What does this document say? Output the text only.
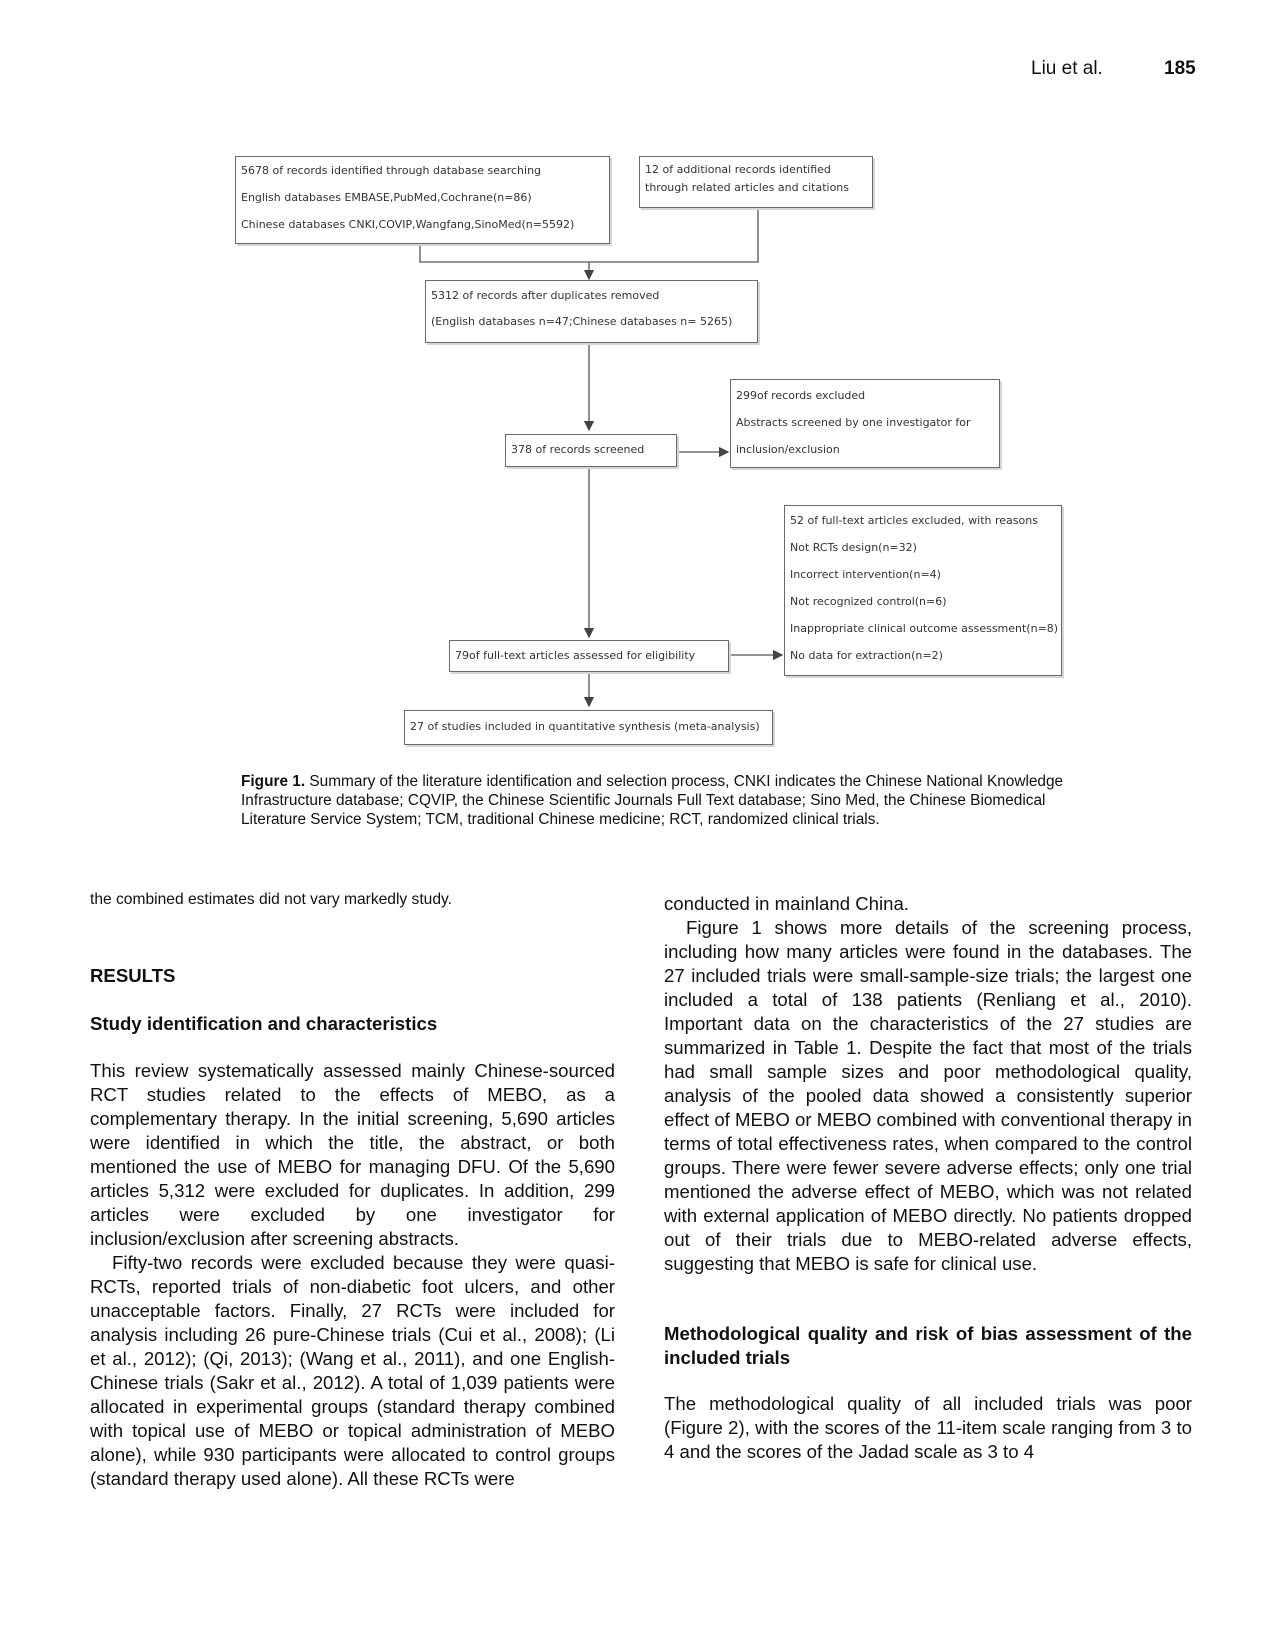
Liu et al.	185
5678 of records identified through database searching
English databases EMBASE,PubMed,Cochrane(n=86)
Chinese databases CNKI,COVIP,Wangfang,SinoMed(n=5592)
12 of additional records identified
through related articles and citations
5312 of records after duplicates removed
(English databases n=47;Chinese databases n= 5265)
299of records excluded
Abstracts screened by one investigator for
inclusion/exclusion
378 of records screened
52 of full-text articles excluded, with reasons
Not RCTs design(n=32)
Incorrect intervention(n=4)
Not recognized control(n=6)
Inappropriate clinical outcome assessment(n=8)
No data for extraction(n=2)
79of full-text articles assessed for eligibility
27 of studies included in quantitative synthesis (meta-analysis)
Figure 1. Summary of the literature identification and selection process, CNKI indicates the Chinese National Knowledge Infrastructure database; CQVIP, the Chinese Scientific Journals Full Text database; Sino Med, the Chinese Biomedical Literature Service System; TCM, traditional Chinese medicine; RCT, randomized clinical trials.

the combined estimates did not vary markedly study.

RESULTS
Study identification and characteristics

This review systematically assessed mainly Chinese-sourced RCT studies related to the effects of MEBO, as a complementary therapy. In the initial screening, 5,690 articles were identified in which the title, the abstract, or both mentioned the use of MEBO for managing DFU. Of the 5,690 articles 5,312 were excluded for duplicates. In addition, 299 articles were excluded by one investigator for inclusion/exclusion after screening abstracts.

Fifty-two records were excluded because they were quasi-RCTs, reported trials of non-diabetic foot ulcers, and other unacceptable factors. Finally, 27 RCTs were included for analysis including 26 pure-Chinese trials (Cui et al., 2008); (Li et al., 2012); (Qi, 2013); (Wang et al., 2011), and one English-Chinese trials (Sakr et al., 2012). A total of 1,039 patients were allocated in experimental groups (standard therapy combined with topical use of MEBO or topical administration of MEBO alone), while 930 participants were allocated to control groups (standard therapy used alone). All these RCTs were

conducted in mainland China.

Figure 1 shows more details of the screening process, including how many articles were found in the databases. The 27 included trials were small-sample-size trials; the largest one included a total of 138 patients (Renliang et al., 2010). Important data on the characteristics of the 27 studies are summarized in Table 1. Despite the fact that most of the trials had small sample sizes and poor methodological quality, analysis of the pooled data showed a consistently superior effect of MEBO or MEBO combined with conventional therapy in terms of total effectiveness rates, when compared to the control groups. There were fewer severe adverse effects; only one trial mentioned the adverse effect of MEBO, which was not related with external application of MEBO directly. No patients dropped out of their trials due to MEBO-related adverse effects, suggesting that MEBO is safe for clinical use.

Methodological quality and risk of bias assessment of the included trials

The methodological quality of all included trials was poor (Figure 2), with the scores of the 11-item scale ranging from 3 to 4 and the scores of the Jadad scale as 3 to 4
